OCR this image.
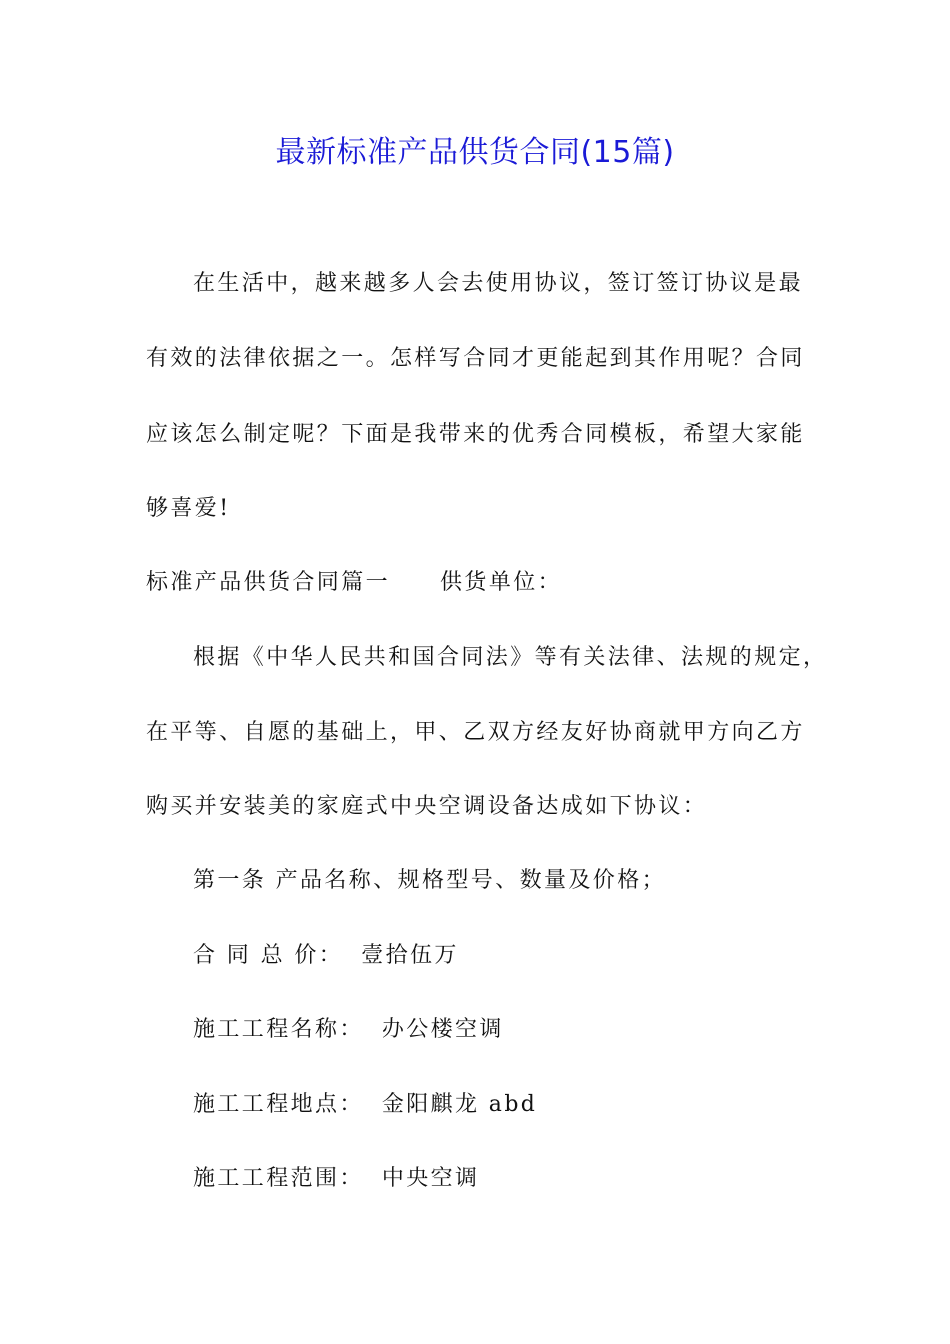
最新标准产品供货合同(15篇)
在生活中，越来越多人会去使用协议，签订签订协议是最
有效的法律依据之一。怎样写合同才更能起到其作用呢？合同
应该怎么制定呢？下面是我带来的优秀合同模板，希望大家能
够喜爱!
标准产品供货合同篇一 供货单位：
根据《中华人民共和国合同法》等有关法律、法规的规定，
在平等、自愿的基础上，甲、乙双方经友好协商就甲方向乙方
购买并安装美的家庭式中央空调设备达成如下协议：
第一条 产品名称、规格型号、数量及价格；
合 同 总 价： 壹拾伍万
施工工程名称： 办公楼空调
施工工程地点： 金阳麒龙 abd
施工工程范围： 中央空调
